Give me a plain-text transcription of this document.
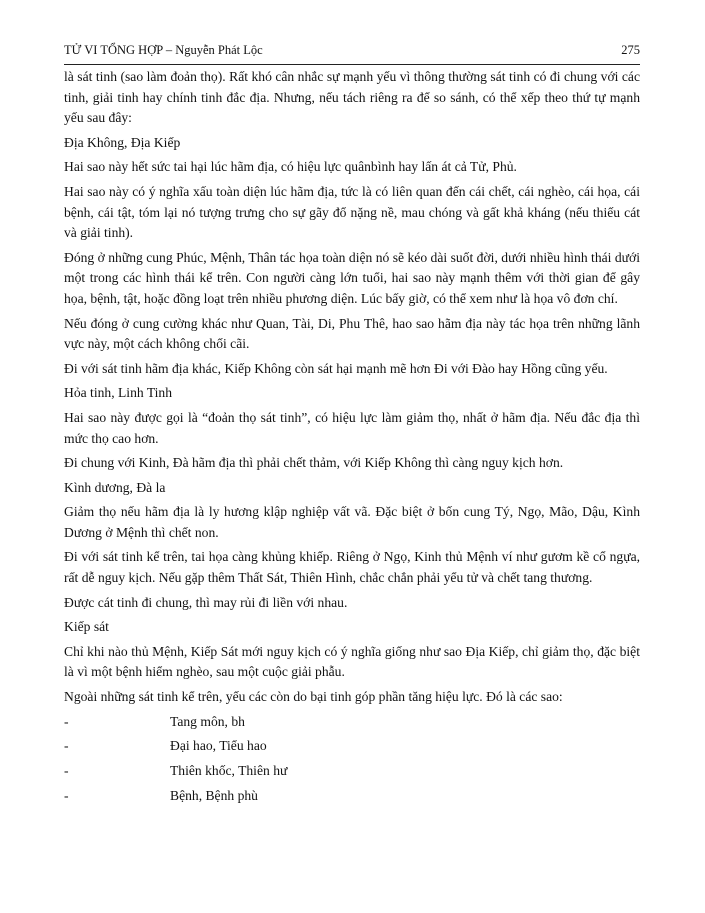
TỬ VI TỔNG HỢP – Nguyễn Phát Lộc	275

là sát tinh (sao làm đoản thọ). Rất khó cân nhắc sự mạnh yếu vì thông thường sát tinh có đi chung với các tinh, giải tinh hay chính tinh đắc địa. Nhưng, nếu tách riêng ra để so sánh, có thể xếp theo thứ tự mạnh yếu sau đây:

Địa Không, Địa Kiếp

Hai sao này hết sức tai hại lúc hãm địa, có hiệu lực quânbình hay lấn át cả Tử, Phủ.

Hai sao này có ý nghĩa xấu toàn diện lúc hãm địa, tức là có liên quan đến cái chết, cái nghèo, cái họa, cái bệnh, cái tật, tóm lại nó tượng trưng cho sự gãy đổ nặng nề, mau chóng và gất khả kháng (nếu thiếu cát và giải tinh).

Đóng ở những cung Phúc, Mệnh, Thân tác họa toàn diện nó sẽ kéo dài suốt đời, dưới nhiều hình thái dưới một trong các hình thái kể trên. Con người càng lớn tuổi, hai sao này mạnh thêm với thời gian để gây họa, bệnh, tật, hoặc đồng loạt trên nhiều phương diện. Lúc bấy giờ, có thể xem như là họa vô đơn chí.

Nếu đóng ở cung cường khác như Quan, Tài, Di, Phu Thê, hao sao hãm địa này tác họa trên những lãnh vực này, một cách không chối cãi.

Đi với sát tinh hãm địa khác, Kiếp Không còn sát hại mạnh mẽ hơn Đi với Đào hay Hồng cũng yếu.

Hỏa tinh, Linh Tinh

Hai sao này được gọi là “đoản thọ sát tinh”, có hiệu lực làm giảm thọ, nhất ở hãm địa. Nếu đắc địa thì mức thọ cao hơn.

Đi chung với Kinh, Đà hãm địa thì phải chết thảm, với Kiếp Không thì càng nguy kịch hơn.

Kình dương, Đà la

Giảm thọ nếu hãm địa là ly hương klập nghiệp vất vã. Đặc biệt ở bốn cung Tý, Ngọ, Mão, Dậu, Kình Dương ở Mệnh thì chết non.

Đi với sát tinh kể trên, tai họa càng khủng khiếp. Riêng ở Ngọ, Kinh thủ Mệnh ví như gươm kề cổ ngựa, rất dễ nguy kịch. Nếu gặp thêm Thất Sát, Thiên Hình, chắc chắn phải yểu tử và chết tang thương.

Được cát tinh đi chung, thì may rủi đi liền với nhau.

Kiếp sát

Chỉ khi nào thủ Mệnh, Kiếp Sát mới nguy kịch có ý nghĩa giống như sao Địa Kiếp, chỉ giảm thọ, đặc biệt là vì một bệnh hiểm nghèo, sau một cuộc giải phẫu.

Ngoài những sát tinh kể trên, yếu các còn do bại tinh góp phần tăng hiệu lực. Đó là các sao:

-	Tang môn, bh
-	Đại hao, Tiểu hao
-	Thiên khốc, Thiên hư
-	Bệnh, Bệnh phù
